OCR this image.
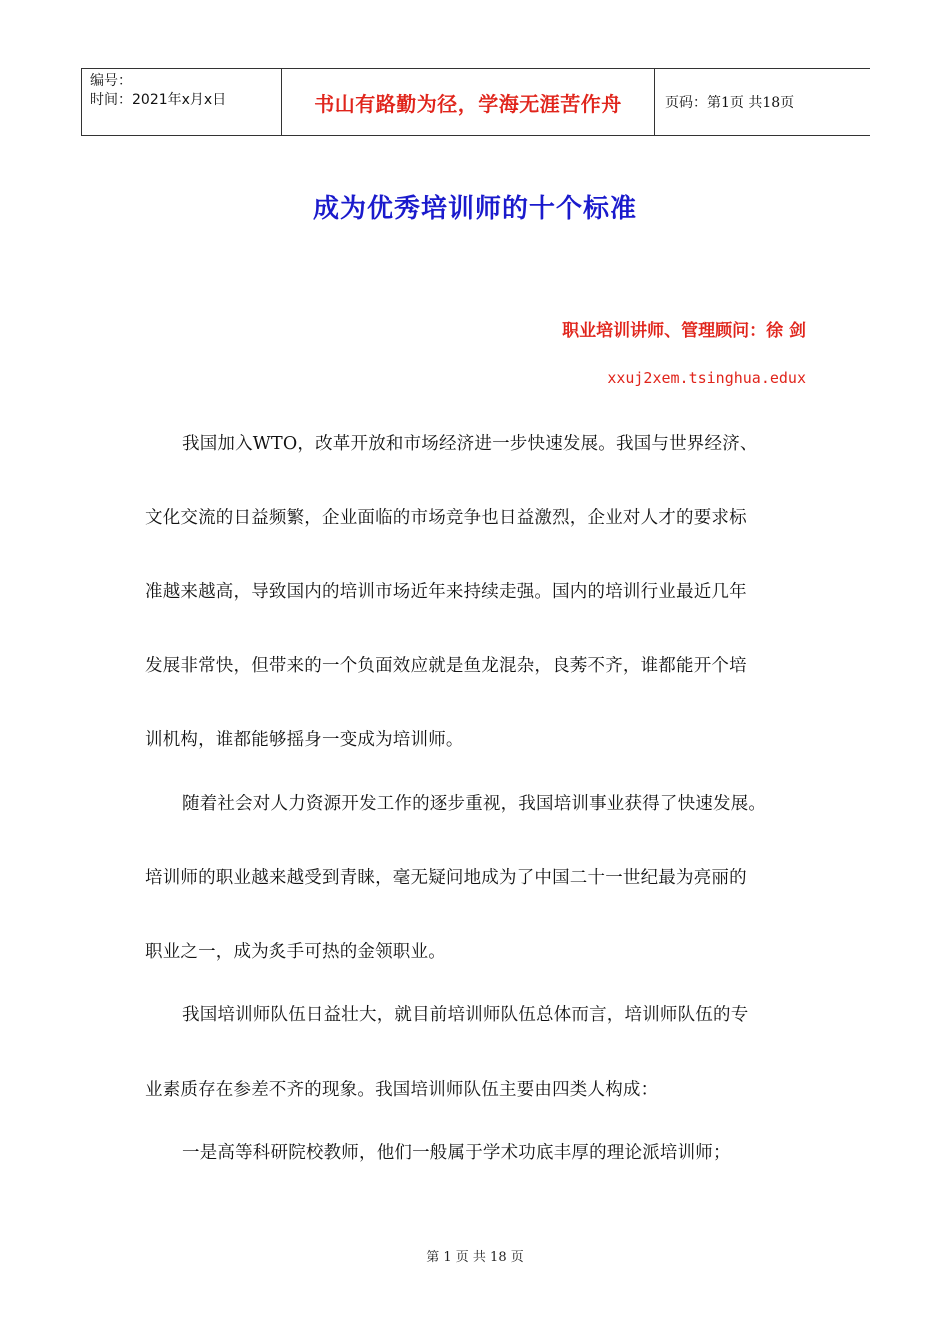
编号：
时间：2021年x月x日	书山有路勤为径，学海无涯苦作舟	页码：第1页 共18页
成为优秀培训师的十个标准
职业培训讲师、管理顾问：徐 剑
xxuj2xem.tsinghua.edux
我国加入WTO，改革开放和市场经济进一步快速发展。我国与世界经济、
文化交流的日益频繁，企业面临的市场竞争也日益激烈，企业对人才的要求标
准越来越高，导致国内的培训市场近年来持续走强。国内的培训行业最近几年
发展非常快，但带来的一个负面效应就是鱼龙混杂，良莠不齐，谁都能开个培
训机构，谁都能够摇身一变成为培训师。
随着社会对人力资源开发工作的逐步重视，我国培训事业获得了快速发展。
培训师的职业越来越受到青睐，毫无疑问地成为了中国二十一世纪最为亮丽的
职业之一，成为炙手可热的金领职业。
我国培训师队伍日益壮大，就目前培训师队伍总体而言，培训师队伍的专
业素质存在参差不齐的现象。我国培训师队伍主要由四类人构成：
一是高等科研院校教师，他们一般属于学术功底丰厚的理论派培训师；
第 1 页 共 18 页
